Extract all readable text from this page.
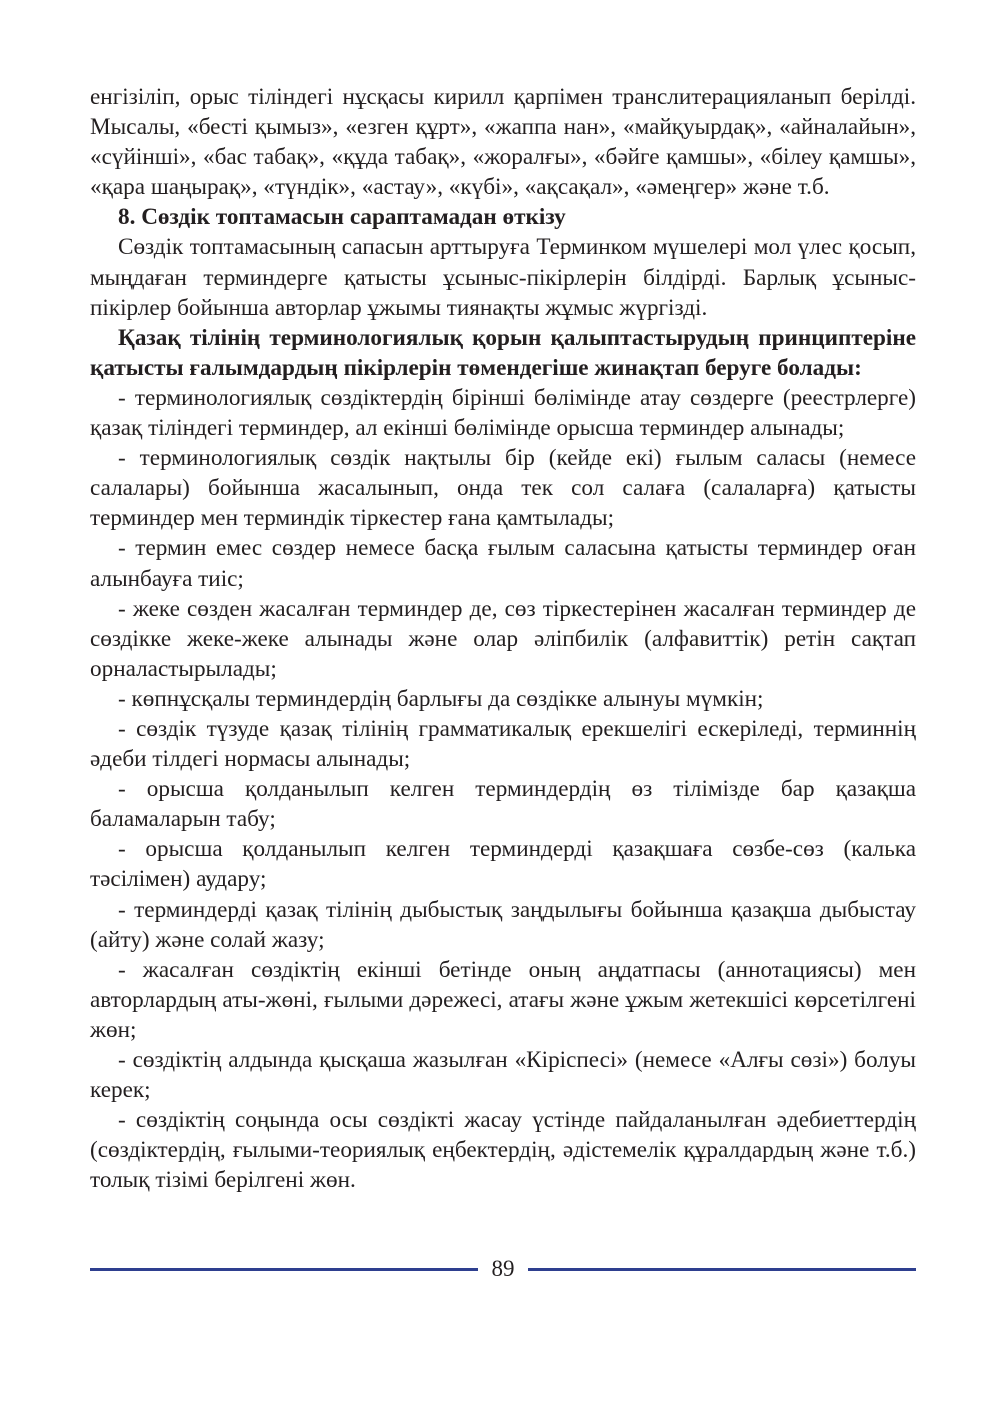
енгізіліп, орыс тіліндегі нұсқасы кирилл қарпімен транслитерацияланып берілді. Мысалы, «бесті қымыз», «езген құрт», «жаппа нан», «майқуырдақ», «айналайын», «сүйінші», «бас табақ», «құда табақ», «жоралғы», «бәйге қамшы», «білеу қамшы», «қара шаңырақ», «түндік», «астау», «күбі», «ақсақал», «әмеңгер» және т.б.

8. Сөздік топтамасын сараптамадан өткізу

Сөздік топтамасының сапасын арттыруға Терминком мүшелері мол үлес қосып, мыңдаған терминдерге қатысты ұсыныс-пікірлерін білдірді. Барлық ұсыныс-пікірлер бойынша авторлар ұжымы тиянақты жұмыс жүргізді.

Қазақ тілінің терминологиялық қорын қалыптастырудың принциптеріне қатысты ғалымдардың пікірлерін төмендегіше жинақтап беруге болады:

- терминологиялық сөздіктердің бірінші бөлімінде атау сөздерге (реестрлерге) қазақ тіліндегі терминдер, ал екінші бөлімінде орысша терминдер алынады;

- терминологиялық сөздік нақтылы бір (кейде екі) ғылым саласы (немесе салалары) бойынша жасалынып, онда тек сол салаға (салаларға) қатысты терминдер мен терминдік тіркестер ғана қамтылады;

- термин емес сөздер немесе басқа ғылым саласына қатысты терминдер оған алынбауға тиіс;

- жеке сөзден жасалған терминдер де, сөз тіркестерінен жасалған терминдер де сөздікке жеке-жеке алынады және олар әліпбилік (алфавиттік) ретін сақтап орналастырылады;

- көпнұсқалы терминдердің барлығы да сөздікке алынуы мүмкін;

- сөздік түзуде қазақ тілінің грамматикалық ерекшелігі ескеріледі, терминнің әдеби тілдегі нормасы алынады;

- орысша қолданылып келген терминдердің өз тілімізде бар қазақша баламаларын табу;

- орысша қолданылып келген терминдерді қазақшаға сөзбе-сөз (калька тәсілімен) аудару;

- терминдерді қазақ тілінің дыбыстық заңдылығы бойынша қазақша дыбыстау (айту) және солай жазу;

- жасалған сөздіктің екінші бетінде оның аңдатпасы (аннотациясы) мен авторлардың аты-жөні, ғылыми дәрежесі, атағы және ұжым жетекшісі көрсетілгені жөн;

- сөздіктің алдында қысқаша жазылған «Кіріспесі» (немесе «Алғы сөзі») болуы керек;

- сөздіктің соңында осы сөздікті жасау үстінде пайдаланылған әдебиеттердің (сөздіктердің, ғылыми-теориялық еңбектердің, әдістемелік құралдардың және т.б.) толық тізімі берілгені жөн.

89
